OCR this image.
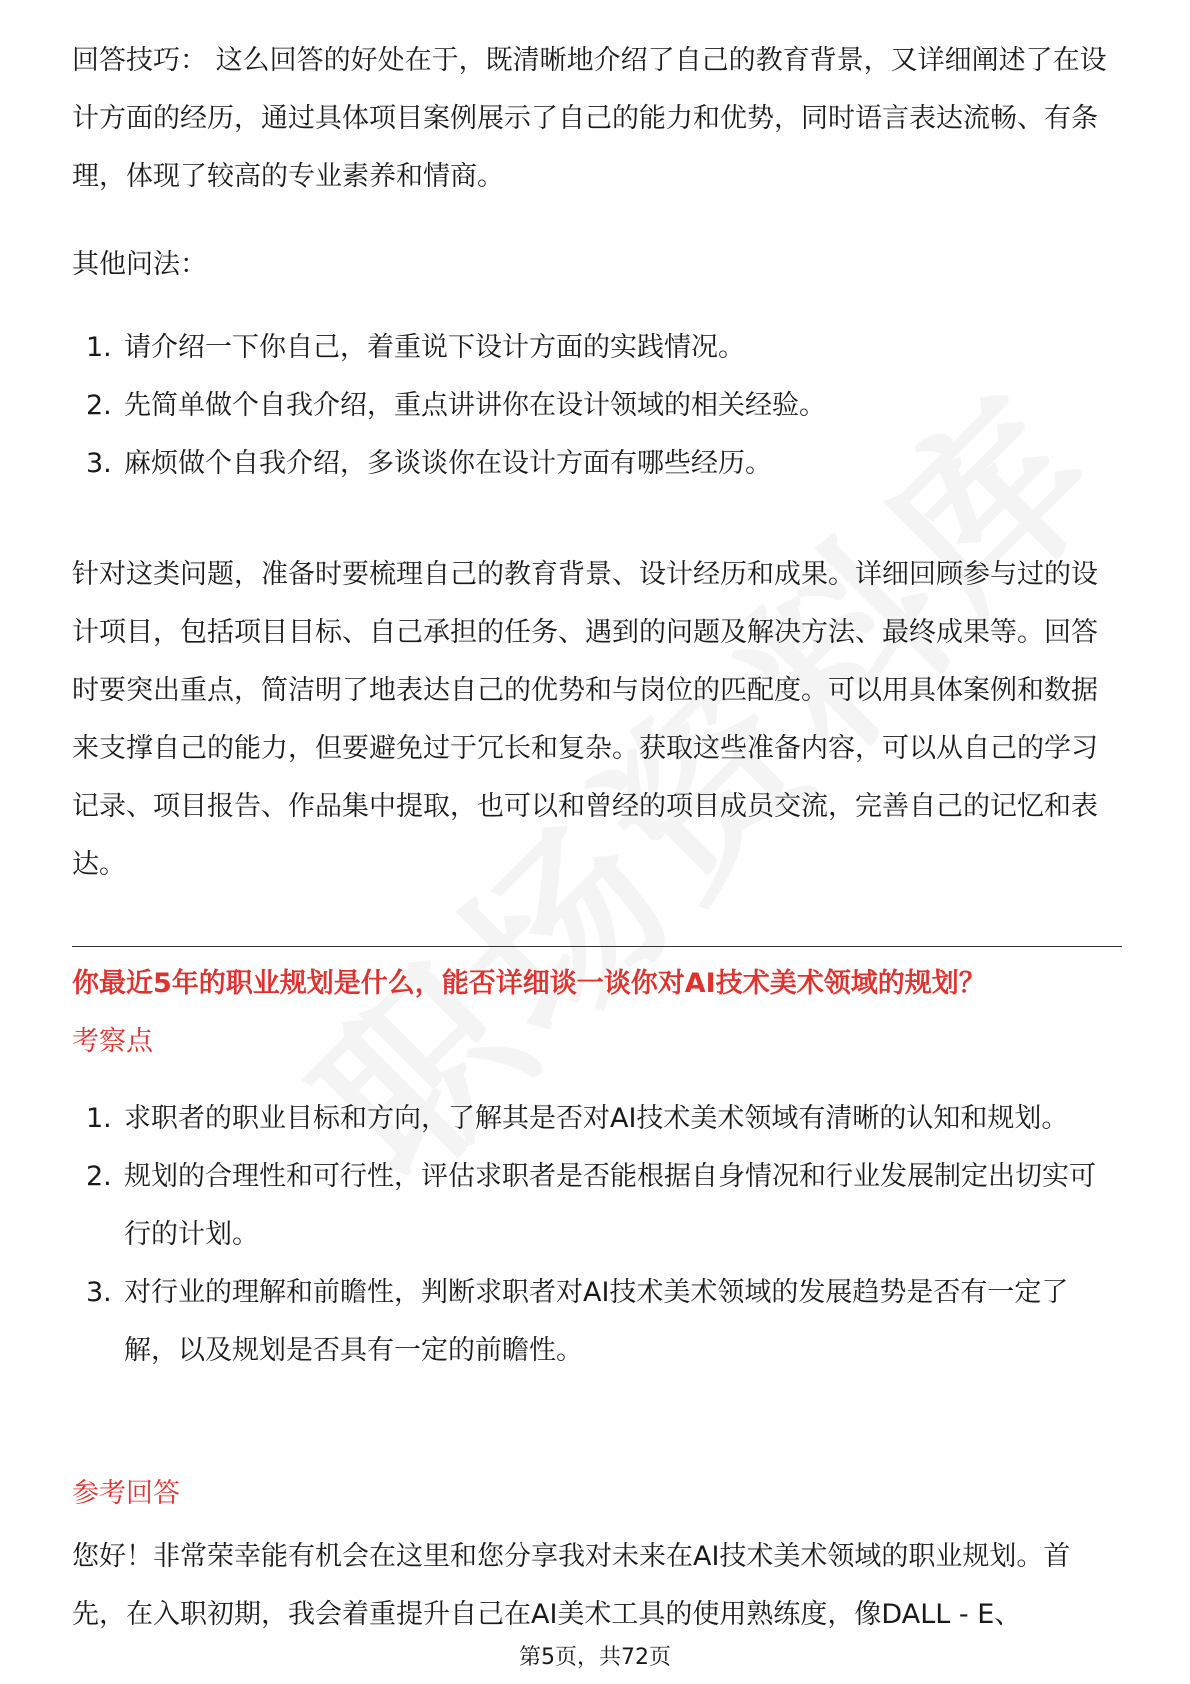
回答技巧： 这么回答的好处在于，既清晰地介绍了自己的教育背景，又详细阐述了在设计方面的经历，通过具体项目案例展示了自己的能力和优势，同时语言表达流畅、有条理，体现了较高的专业素养和情商。

其他问法：

1. 请介绍一下你自己，着重说下设计方面的实践情况。
2. 先简单做个自我介绍，重点讲讲你在设计领域的相关经验。
3. 麻烦做个自我介绍，多谈谈你在设计方面有哪些经历。

针对这类问题，准备时要梳理自己的教育背景、设计经历和成果。详细回顾参与过的设计项目，包括项目目标、自己承担的任务、遇到的问题及解决方法、最终成果等。回答时要突出重点，简洁明了地表达自己的优势和与岗位的匹配度。可以用具体案例和数据来支撑自己的能力，但要避免过于冗长和复杂。获取这些准备内容，可以从自己的学习记录、项目报告、作品集中提取，也可以和曾经的项目成员交流，完善自己的记忆和表达。

你最近5年的职业规划是什么，能否详细谈一谈你对AI技术美术领域的规划？

考察点

1. 求职者的职业目标和方向，了解其是否对AI技术美术领域有清晰的认知和规划。
2. 规划的合理性和可行性，评估求职者是否能根据自身情况和行业发展制定出切实可行的计划。
3. 对行业的理解和前瞻性，判断求职者对AI技术美术领域的发展趋势是否有一定了解，以及规划是否具有一定的前瞻性。

参考回答

您好！非常荣幸能有机会在这里和您分享我对未来在AI技术美术领域的职业规划。首先，在入职初期，我会着重提升自己在AI美术工具的使用熟练度，像DALL - E、

第5页，共72页
